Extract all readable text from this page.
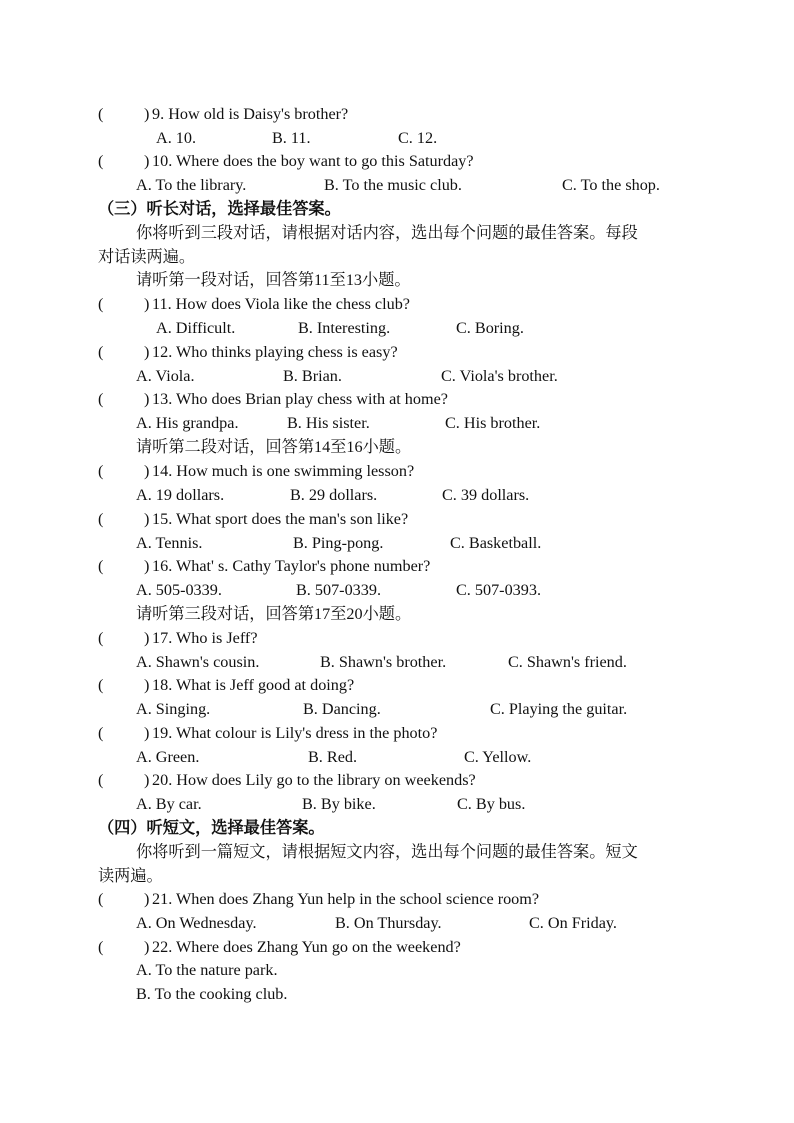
(	) 9. How old is Daisy's brother?
A. 10.	B. 11.	C. 12.
(	) 10. Where does the boy want to go this Saturday?
A. To the library.	B. To the music club.	C. To the shop.
（三）听长对话，选择最佳答案。
你将听到三段对话，请根据对话内容，选出每个问题的最佳答案。每段
对话读两遍。
请听第一段对话，回答第11至13小题。
(	) 11. How does Viola like the chess club?
A. Difficult.	B. Interesting.	C. Boring.
(	) 12. Who thinks playing chess is easy?
A. Viola.	B. Brian.	C. Viola's brother.
(	) 13. Who does Brian play chess with at home?
A. His grandpa.	B. His sister.	C. His brother.
请听第二段对话，回答第14至16小题。
(	) 14. How much is one swimming lesson?
A. 19 dollars.	B. 29 dollars.	C. 39 dollars.
(	) 15. What sport does the man's son like?
A. Tennis.	B. Ping-pong.	C. Basketball.
(	) 16. What' s. Cathy Taylor's phone number?
A. 505-0339.	B. 507-0339.	C. 507-0393.
请听第三段对话，回答第17至20小题。
(	) 17. Who is Jeff?
A. Shawn's cousin.	B. Shawn's brother.	C. Shawn's friend.
(	) 18. What is Jeff good at doing?
A. Singing.	B. Dancing.	C. Playing the guitar.
(	) 19. What colour is Lily's dress in the photo?
A. Green.	B. Red.	C. Yellow.
(	) 20. How does Lily go to the library on weekends?
A. By car.	B. By bike.	C. By bus.
（四）听短文，选择最佳答案。
你将听到一篇短文，请根据短文内容，选出每个问题的最佳答案。短文
读两遍。
(	) 21. When does Zhang Yun help in the school science room?
A. On Wednesday.	B. On Thursday.	C. On Friday.
(	) 22. Where does Zhang Yun go on the weekend?
A. To the nature park.
B. To the cooking club.
